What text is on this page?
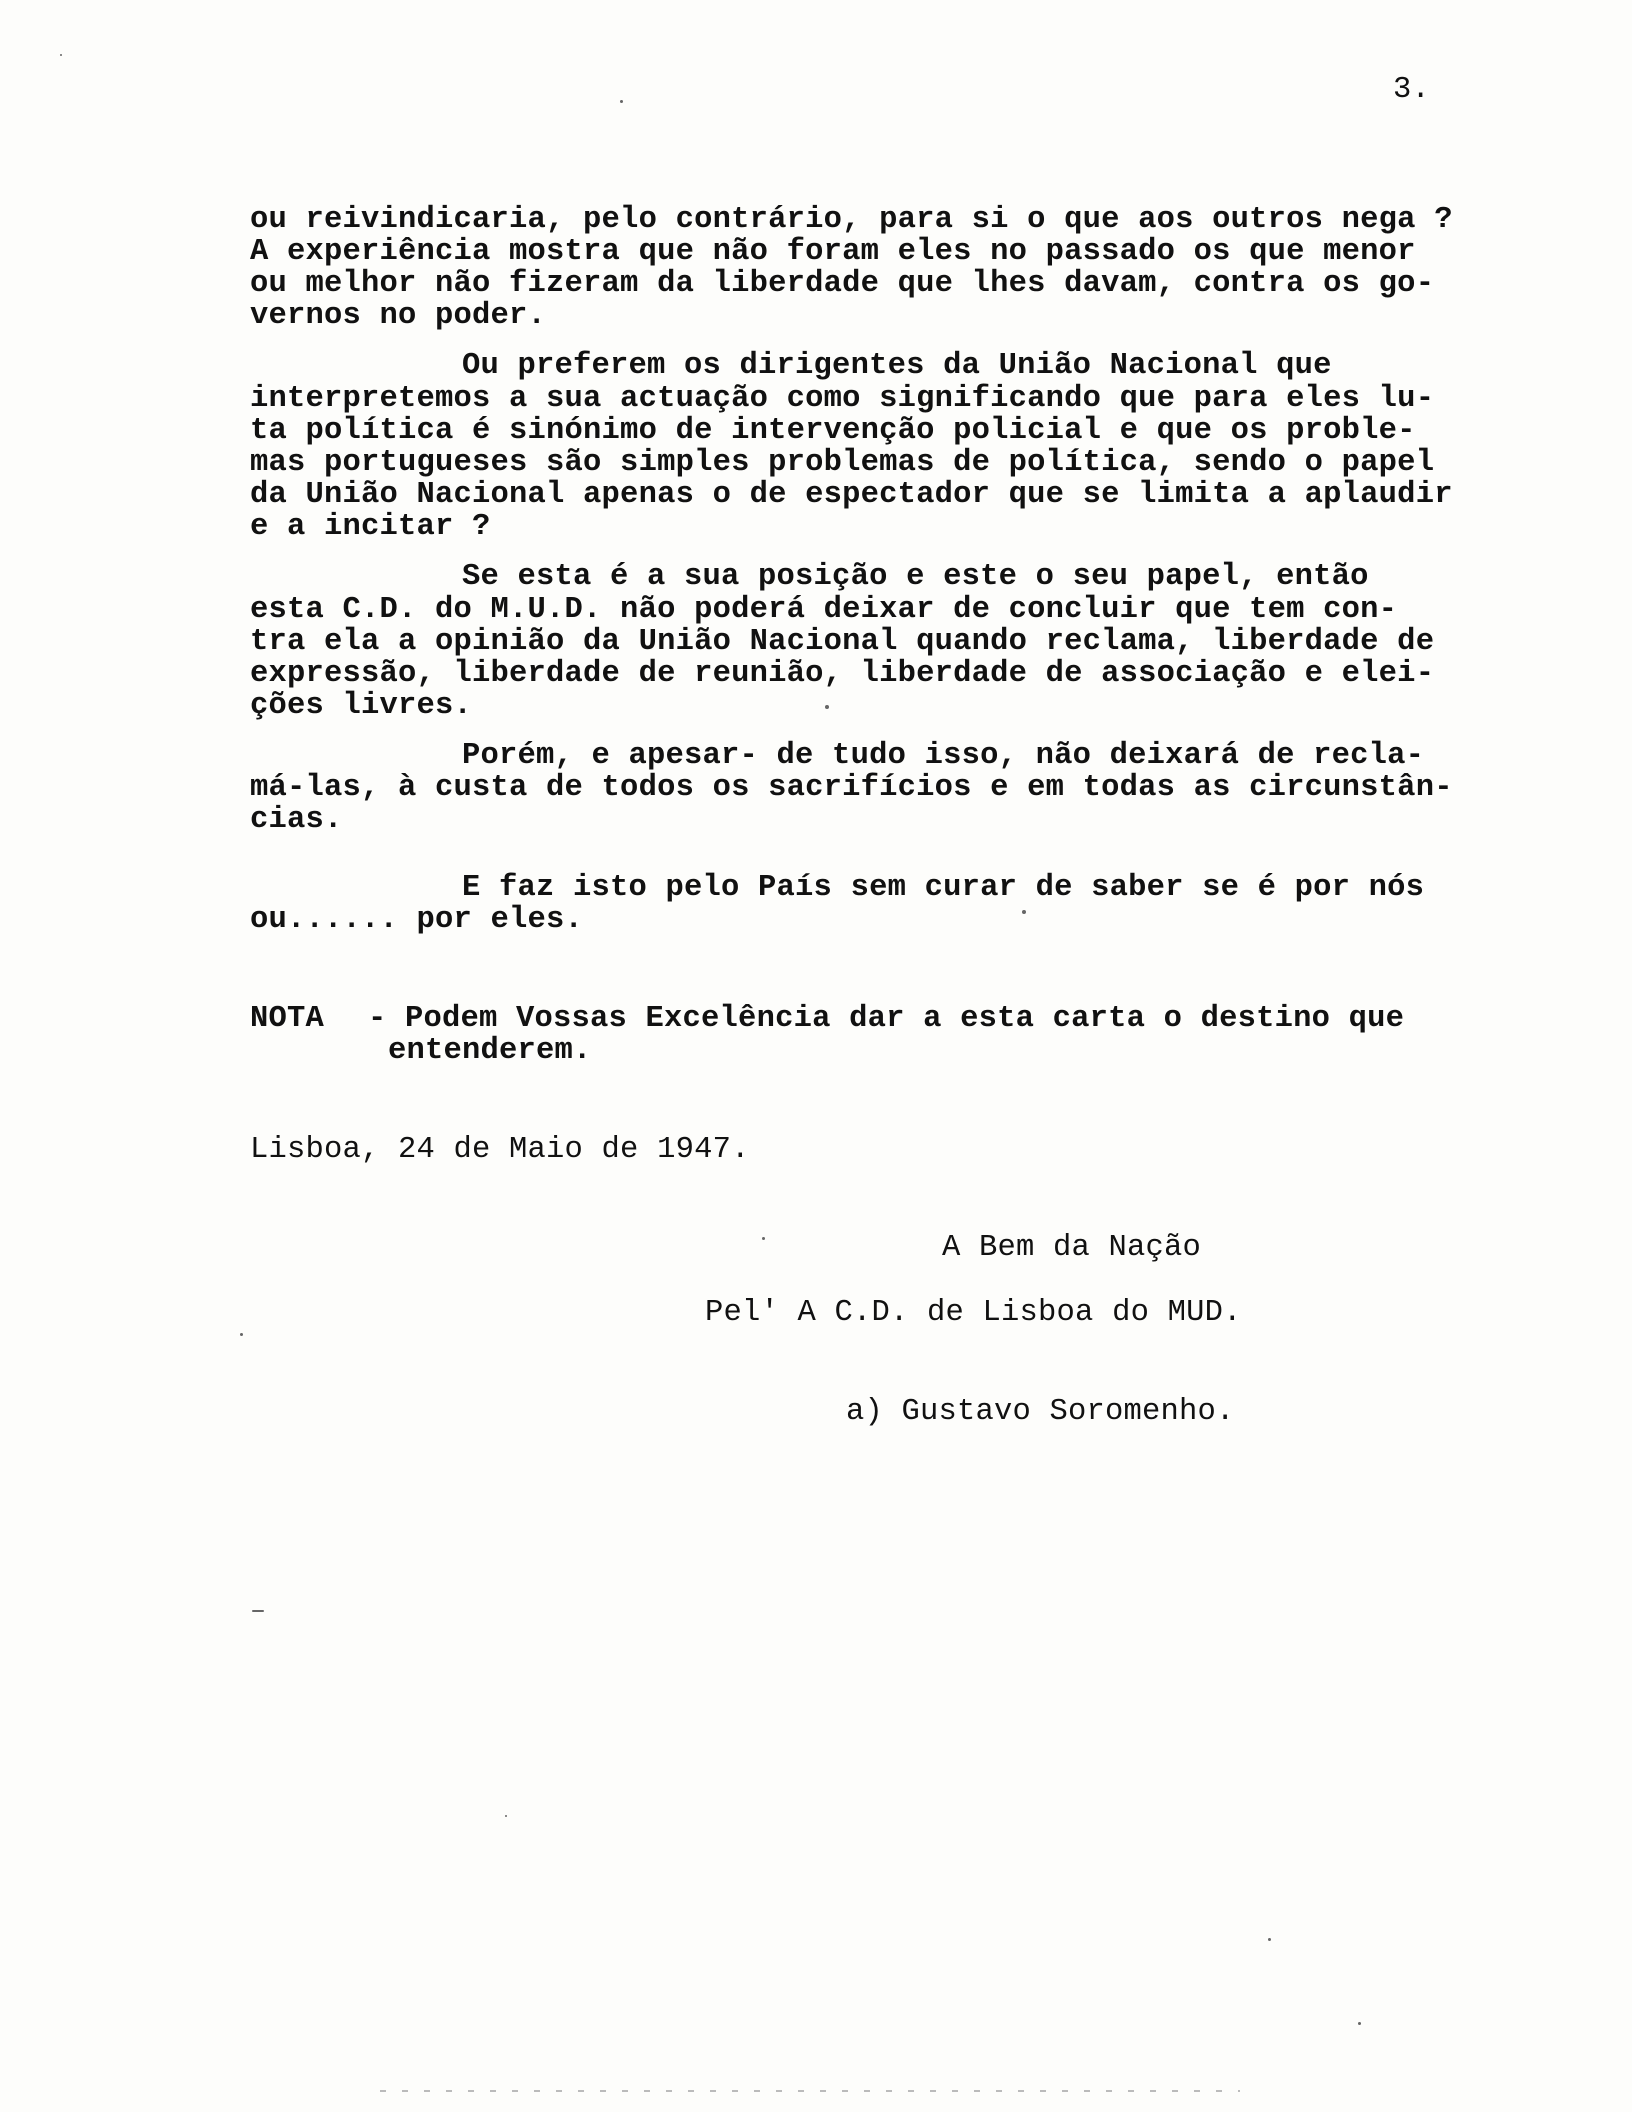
3.
ou reivindicaria, pelo contrário, para si o que aos outros nega ?
A experiência mostra que não foram eles no passado os que menor
ou melhor não fizeram da liberdade que lhes davam, contra os go-
vernos no poder.
Ou preferem os dirigentes da União Nacional que
interpretemos a sua actuação como significando que para eles lu-
ta política é sinónimo de intervenção policial e que os proble-
mas portugueses são simples problemas de política, sendo o papel
da União Nacional apenas o de espectador que se limita a aplaudir
e a incitar ?
Se esta é a sua posição e este o seu papel, então
esta C.D. do M.U.D. não poderá deixar de concluir que tem con-
tra ela a opinião da União Nacional quando reclama, liberdade de
expressão, liberdade de reunião, liberdade de associação e elei-
ções livres.
Porém, e apesar- de tudo isso, não deixará de recla-
má-las, à custa de todos os sacrifícios e em todas as circunstân-
cias.
E faz isto pelo País sem curar de saber se é por nós
ou...... por eles.
NOTA - Podem Vossas Excelência dar a esta carta o destino que
entenderem.
Lisboa, 24 de Maio de 1947.
A Bem da Nação
Pel' A C.D. de Lisboa do MUD.
a) Gustavo Soromenho.
